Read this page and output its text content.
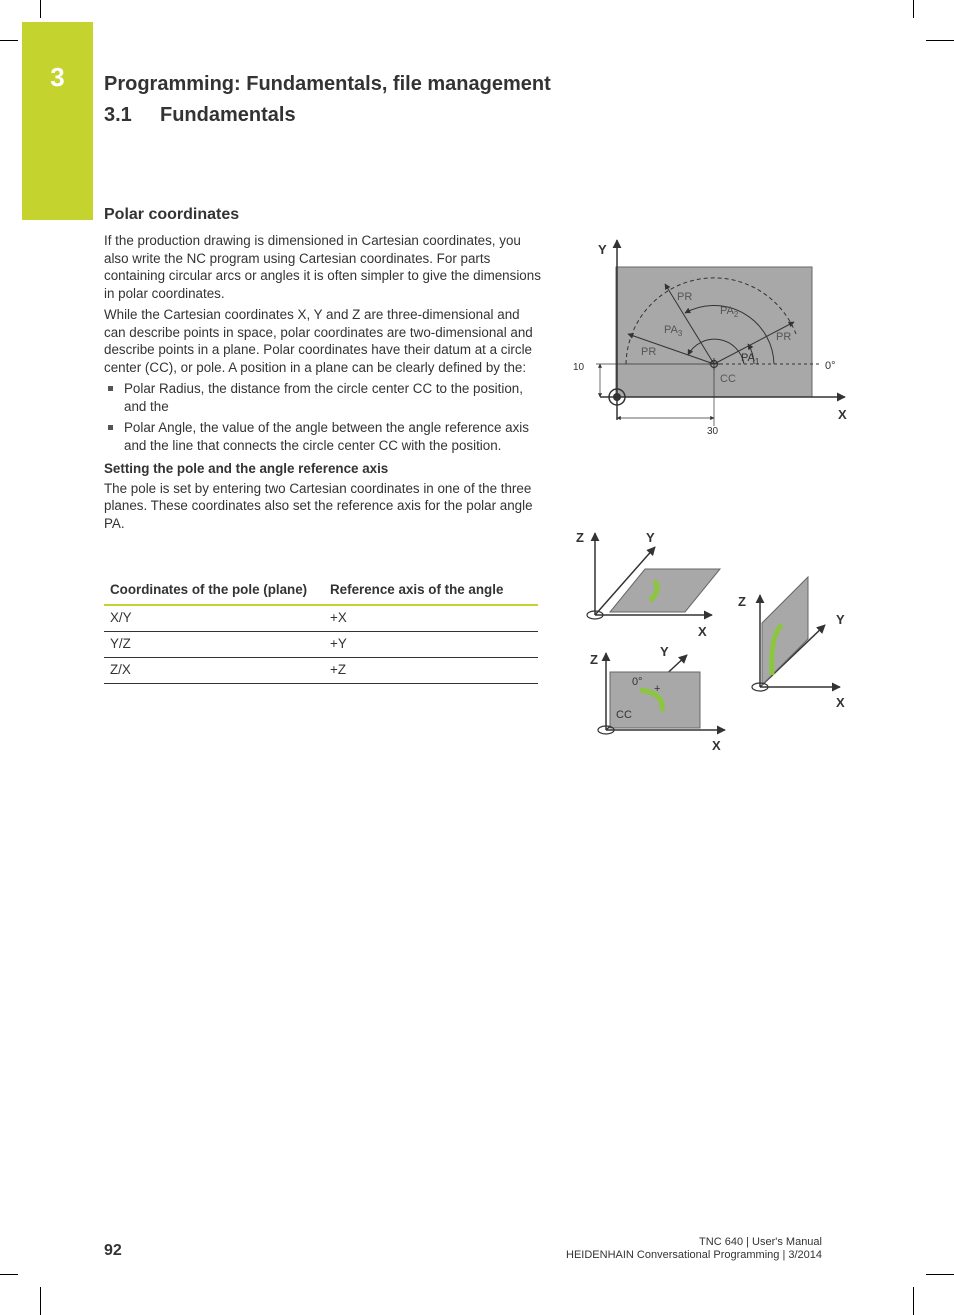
3	Programming: Fundamentals, file management
3.1 Fundamentals
Polar coordinates

If the production drawing is dimensioned in Cartesian coordinates, you also write the NC program using Cartesian coordinates. For parts containing circular arcs or angles it is often simpler to give the dimensions in polar coordinates.

While the Cartesian coordinates X, Y and Z are three-dimensional and can describe points in space, polar coordinates are two-dimensional and describe points in a plane. Polar coordinates have their datum at a circle center (CC), or pole. A position in a plane can be clearly defined by the:

Polar Radius, the distance from the circle center CC to the position, and the
Polar Angle, the value of the angle between the angle reference axis and the line that connects the circle center CC with the position.
Setting the pole and the angle reference axis

The pole is set by entering two Cartesian coordinates in one of the three planes. These coordinates also set the reference axis for the polar angle PA.

Coordinates of the pole (plane)	Reference axis of the angle
X/Y	+X
Y/Z	+Y
Z/X	+Z
Y
X
PR
PR
PR
$PA_2$
$PA_3$
$PA_1$
CC
0°
10
30
Z	Y
X
Z
Y
X
0°
CC
+
Z
Y
X
92	TNC 640 | User's Manual
HEIDENHAIN Conversational Programming | 3/2014
